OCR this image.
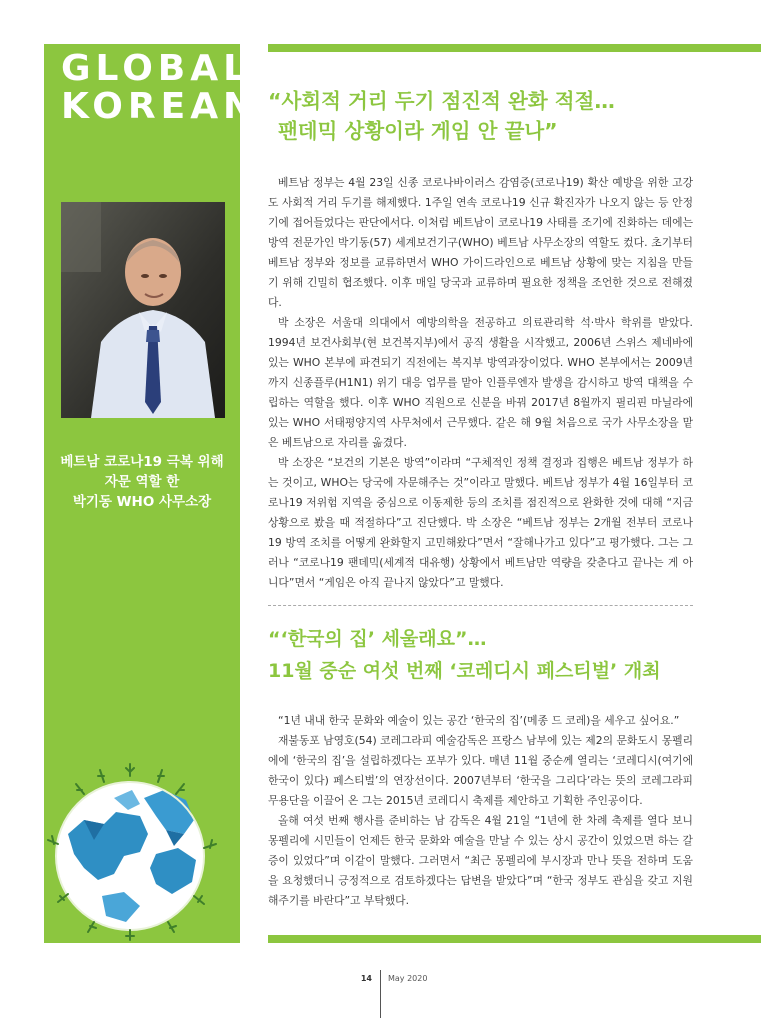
GLOBAL
KOREAN
베트남 코로나19 극복 위해
자문 역할 한
박기동 WHO 사무소장
“사회적 거리 두기 점진적 완화 적절…
팬데믹 상황이라 게임 안 끝나”

베트남 정부는 4월 23일 신종 코로나바이러스 감염증(코로나19) 확산 예방을 위한 고강도 사회적 거리 두기를 해제했다. 1주일 연속 코로나19 신규 확진자가 나오지 않는 등 안정기에 접어들었다는 판단에서다. 이처럼 베트남이 코로나19 사태를 조기에 진화하는 데에는 방역 전문가인 박기동(57) 세계보건기구(WHO) 베트남 사무소장의 역할도 컸다. 초기부터 베트남 정부와 정보를 교류하면서 WHO 가이드라인으로 베트남 상황에 맞는 지침을 만들기 위해 긴밀히 협조했다. 이후 매일 당국과 교류하며 필요한 정책을 조언한 것으로 전해졌다.

박 소장은 서울대 의대에서 예방의학을 전공하고 의료관리학 석·박사 학위를 받았다. 1994년 보건사회부(현 보건복지부)에서 공직 생활을 시작했고, 2006년 스위스 제네바에 있는 WHO 본부에 파견되기 직전에는 복지부 방역과장이었다. WHO 본부에서는 2009년까지 신종플루(H1N1) 위기 대응 업무를 맡아 인플루엔자 발생을 감시하고 방역 대책을 수립하는 역할을 했다. 이후 WHO 직원으로 신분을 바꿔 2017년 8월까지 필리핀 마닐라에 있는 WHO 서태평양지역 사무처에서 근무했다. 같은 해 9월 처음으로 국가 사무소장을 맡은 베트남으로 자리를 옮겼다.

박 소장은 “보건의 기본은 방역”이라며 “구체적인 정책 결정과 집행은 베트남 정부가 하는 것이고, WHO는 당국에 자문해주는 것”이라고 말했다. 베트남 정부가 4월 16일부터 코로나19 저위험 지역을 중심으로 이동제한 등의 조치를 점진적으로 완화한 것에 대해 “지금 상황으로 봤을 때 적절하다”고 진단했다. 박 소장은 “베트남 정부는 2개월 전부터 코로나19 방역 조치를 어떻게 완화할지 고민해왔다”면서 “잘해나가고 있다”고 평가했다. 그는 그러나 “코로나19 팬데믹(세계적 대유행) 상황에서 베트남만 역량을 갖춘다고 끝나는 게 아니다”면서 “게임은 아직 끝나지 않았다”고 말했다.

“‘한국의 집’ 세울래요”…
11월 중순 여섯 번째 ‘코레디시 페스티벌’ 개최

“1년 내내 한국 문화와 예술이 있는 공간 ‘한국의 집’(메종 드 코레)을 세우고 싶어요.”

재불동포 남영호(54) 코레그라피 예술감독은 프랑스 남부에 있는 제2의 문화도시 몽펠리에에 ‘한국의 집’을 설립하겠다는 포부가 있다. 매년 11월 중순께 열리는 ‘코레디시(여기에 한국이 있다) 페스티벌’의 연장선이다. 2007년부터 ‘한국을 그리다’라는 뜻의 코레그라피 무용단을 이끌어 온 그는 2015년 코레디시 축제를 제안하고 기획한 주인공이다.

올해 여섯 번째 행사를 준비하는 남 감독은 4월 21일 “1년에 한 차례 축제를 열다 보니 몽펠리에 시민들이 언제든 한국 문화와 예술을 만날 수 있는 상시 공간이 있었으면 하는 갈증이 있었다”며 이같이 말했다. 그러면서 “최근 몽펠리에 부시장과 만나 뜻을 전하며 도움을 요청했더니 긍정적으로 검토하겠다는 답변을 받았다”며 “한국 정부도 관심을 갖고 지원해주기를 바란다”고 부탁했다.

14 May 2020
